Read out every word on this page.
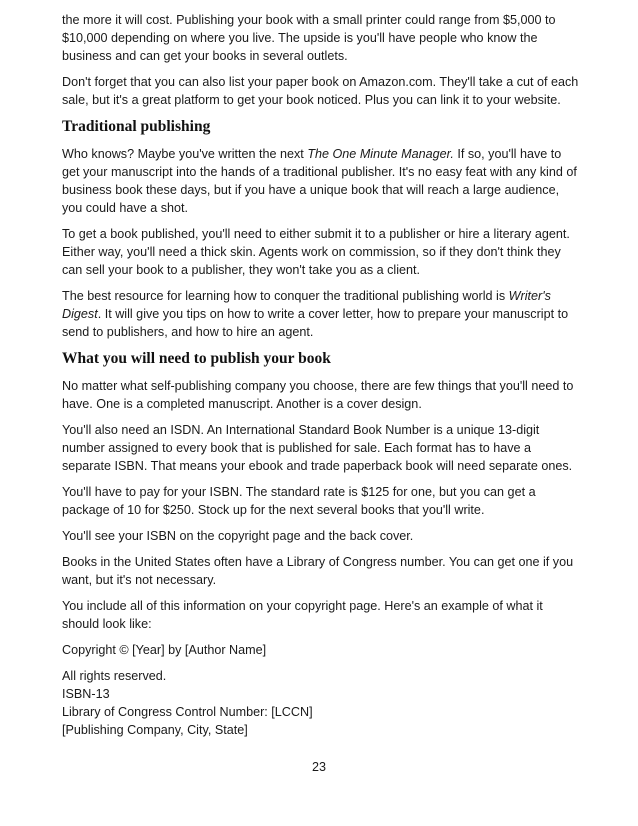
the more it will cost. Publishing your book with a small printer could range from $5,000 to $10,000 depending on where you live. The upside is you'll have people who know the business and can get your books in several outlets.

Don't forget that you can also list your paper book on Amazon.com. They'll take a cut of each sale, but it's a great platform to get your book noticed. Plus you can link it to your website.

Traditional publishing

Who knows? Maybe you've written the next The One Minute Manager. If so, you'll have to get your manuscript into the hands of a traditional publisher. It's no easy feat with any kind of business book these days, but if you have a unique book that will reach a large audience, you could have a shot.

To get a book published, you'll need to either submit it to a publisher or hire a literary agent. Either way, you'll need a thick skin. Agents work on commission, so if they don't think they can sell your book to a publisher, they won't take you as a client.

The best resource for learning how to conquer the traditional publishing world is Writer's Digest. It will give you tips on how to write a cover letter, how to prepare your manuscript to send to publishers, and how to hire an agent.

What you will need to publish your book

No matter what self-publishing company you choose, there are few things that you'll need to have. One is a completed manuscript. Another is a cover design.

You'll also need an ISDN. An International Standard Book Number is a unique 13-digit number assigned to every book that is published for sale. Each format has to have a separate ISBN. That means your ebook and trade paperback book will need separate ones.

You'll have to pay for your ISBN. The standard rate is $125 for one, but you can get a package of 10 for $250. Stock up for the next several books that you'll write.

You'll see your ISBN on the copyright page and the back cover.

Books in the United States often have a Library of Congress number. You can get one if you want, but it's not necessary.

You include all of this information on your copyright page. Here's an example of what it should look like:

Copyright © [Year] by [Author Name]

All rights reserved.

ISBN-13

Library of Congress Control Number: [LCCN]

[Publishing Company, City, State]

23
